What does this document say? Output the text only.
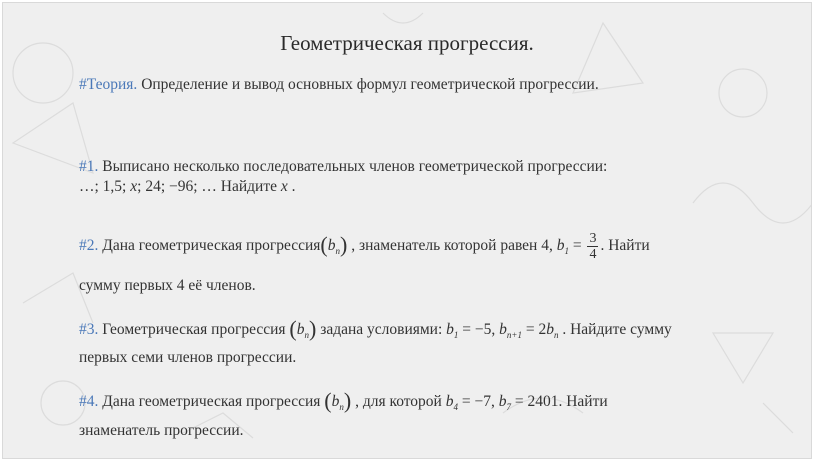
Геометрическая прогрессия.
#Теория. Определение и вывод основных формул геометрической прогрессии.
#1. Выписано несколько последовательных членов геометрической прогрессии:
…; 1,5; x; 24; −96; … Найдите x .
#2. Дана геометрическая $прогрессия(b_n)$ , знаменатель которой равен 4, $b_1 = \frac{3}{4}$ . Найти
сумму первых 4 её членов.
#3. Геометрическая прогрессия $(b_n)$ задана условиями: $b_1 = -5$, $b_{n+1} = 2b_n$ . Найдите сумму
первых семи членов прогрессии.
#4. Дана геометрическая прогрессия $(b_n)$ , для которой $b_4 = -7$, $b_7 = 2401$. Найти
знаменатель прогрессии.
